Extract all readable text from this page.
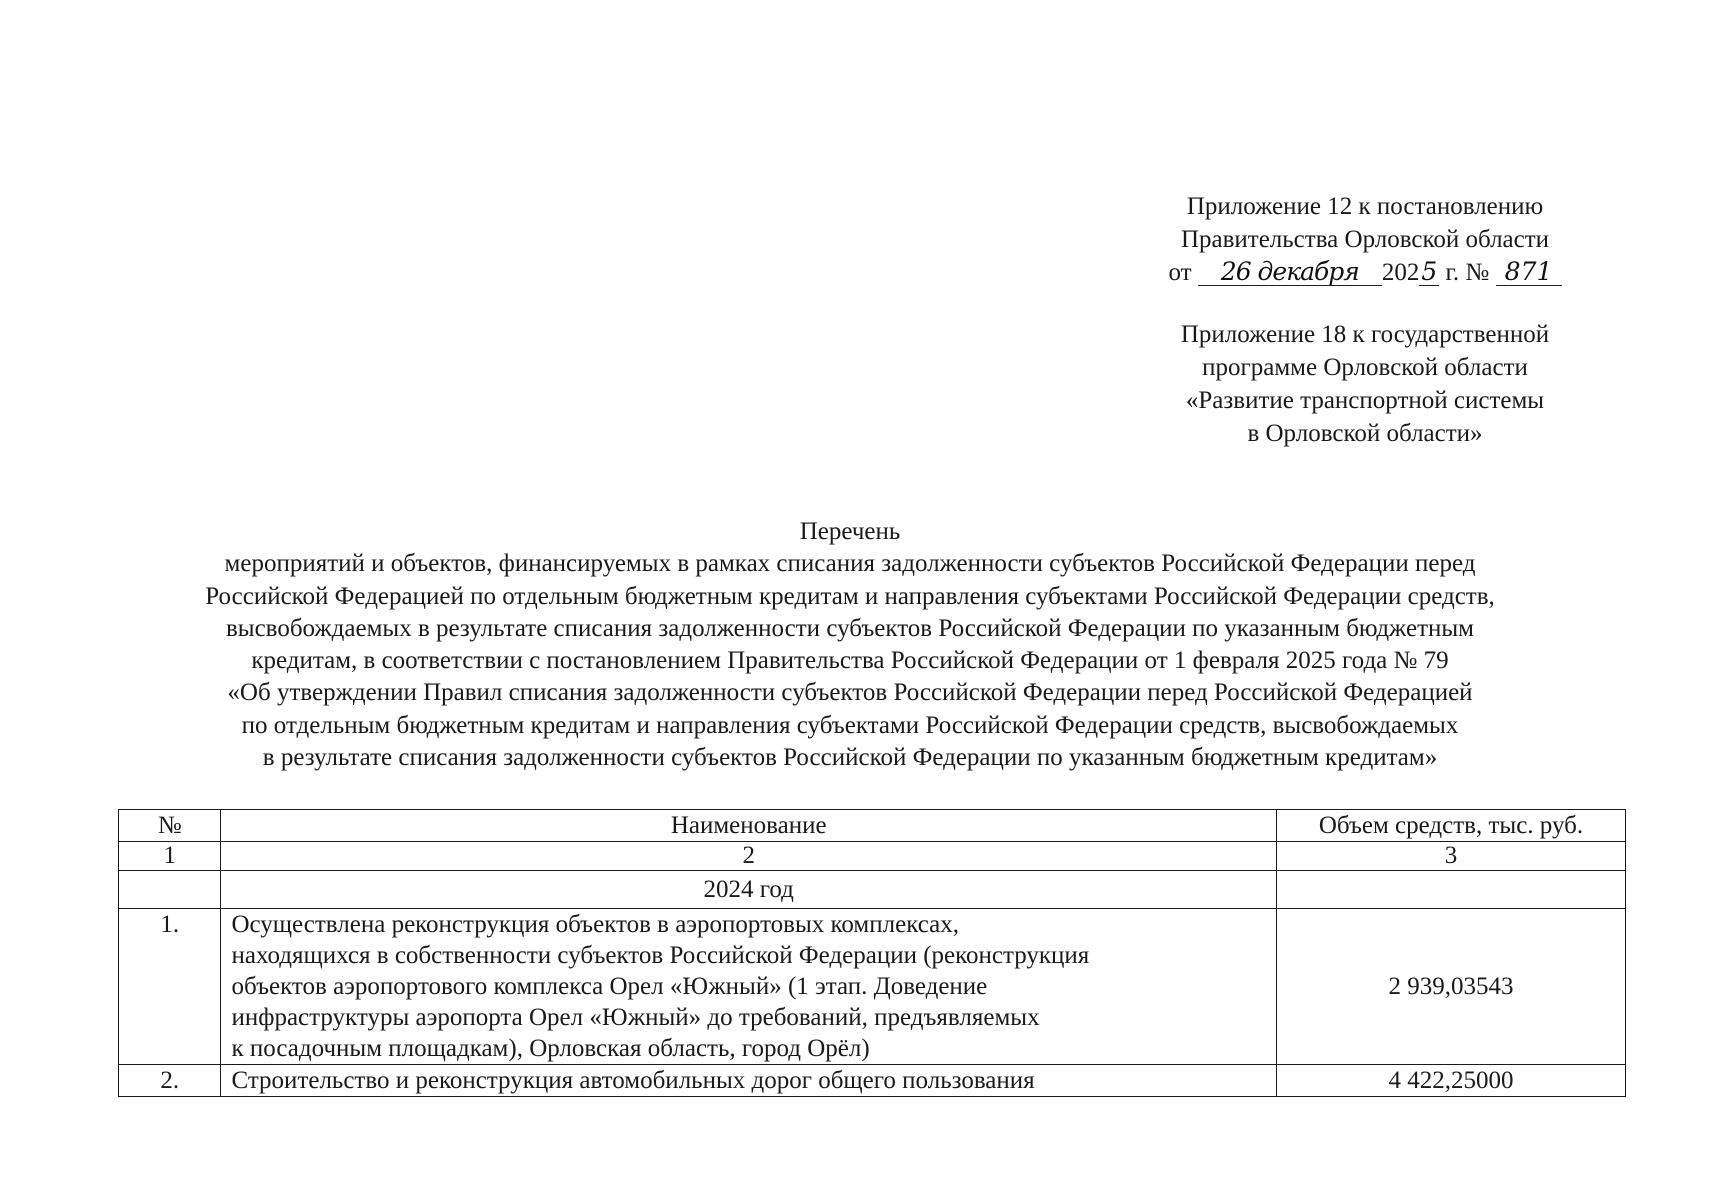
Приложение 12 к постановлению
Правительства Орловской области
от 26 декабря 2025 г. № 871
Приложение 18 к государственной
программе Орловской области
«Развитие транспортной системы
в Орловской области»
Перечень
мероприятий и объектов, финансируемых в рамках списания задолженности субъектов Российской Федерации перед
Российской Федерацией по отдельным бюджетным кредитам и направления субъектами Российской Федерации средств,
высвобождаемых в результате списания задолженности субъектов Российской Федерации по указанным бюджетным
кредитам, в соответствии с постановлением Правительства Российской Федерации от 1 февраля 2025 года № 79
«Об утверждении Правил списания задолженности субъектов Российской Федерации перед Российской Федерацией
по отдельным бюджетным кредитам и направления субъектами Российской Федерации средств, высвобождаемых
в результате списания задолженности субъектов Российской Федерации по указанным бюджетным кредитам»
№	Наименование	Объем средств, тыс. руб.
1	2	3
	2024 год	
1.	Осуществлена реконструкция объектов в аэропортовых комплексах,
находящихся в собственности субъектов Российской Федерации (реконструкция
объектов аэропортового комплекса Орел «Южный» (1 этап. Доведение
инфраструктуры аэропорта Орел «Южный» до требований, предъявляемых
к посадочным площадкам), Орловская область, город Орёл)	2 939,03543
2.	Строительство и реконструкция автомобильных дорог общего пользования	4 422,25000
